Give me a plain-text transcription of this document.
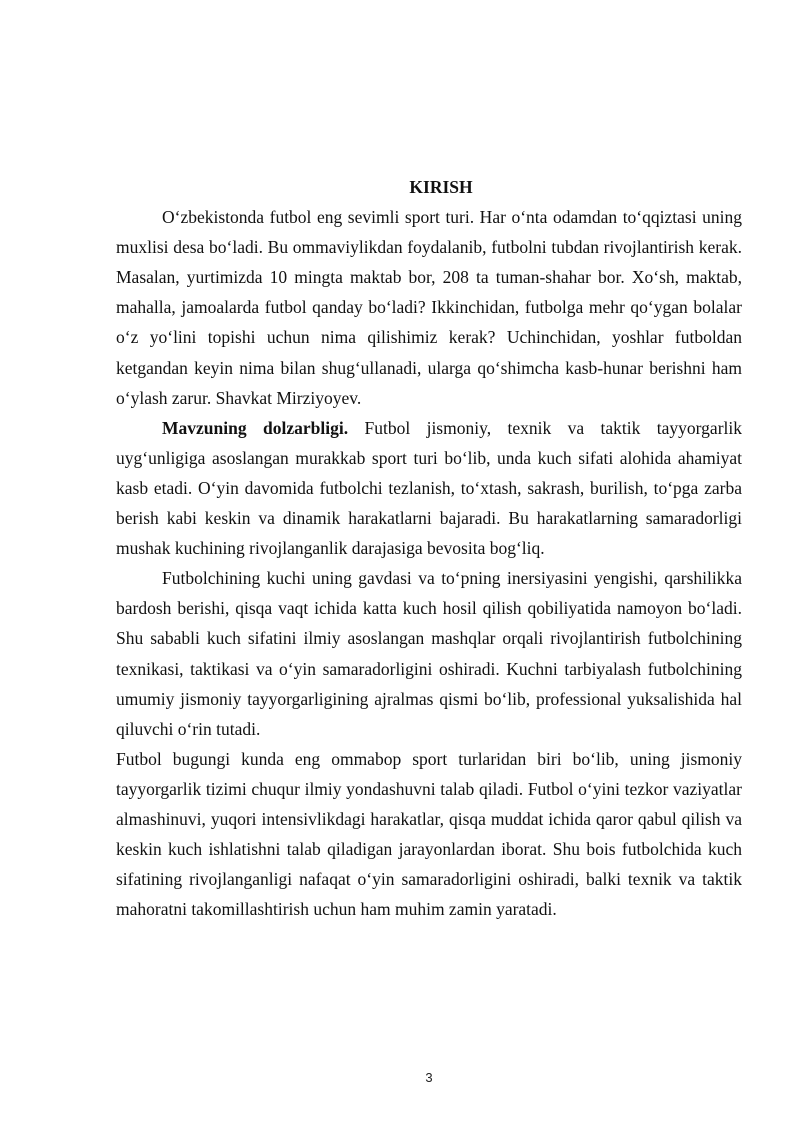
KIRISH

O‘zbekistonda futbol eng sevimli sport turi. Har o‘nta odamdan to‘qqiztasi uning muxlisi desa bo‘ladi. Bu ommaviylikdan foydalanib, futbolni tubdan rivojlantirish kerak. Masalan, yurtimizda 10 mingta maktab bor, 208 ta tuman-shahar bor. Xo‘sh, maktab, mahalla, jamoalarda futbol qanday bo‘ladi? Ikkinchidan, futbolga mehr qo‘ygan bolalar o‘z yo‘lini topishi uchun nima qilishimiz kerak? Uchinchidan, yoshlar futboldan ketgandan keyin nima bilan shug‘ullanadi, ularga qo‘shimcha kasb-hunar berishni ham o‘ylash zarur. Shavkat Mirziyoyev.

Mavzuning dolzarbligi. Futbol jismoniy, texnik va taktik tayyorgarlik uyg‘unligiga asoslangan murakkab sport turi bo‘lib, unda kuch sifati alohida ahamiyat kasb etadi. O‘yin davomida futbolchi tezlanish, to‘xtash, sakrash, burilish, to‘pga zarba berish kabi keskin va dinamik harakatlarni bajaradi. Bu harakatlarning samaradorligi mushak kuchining rivojlanganlik darajasiga bevosita bog‘liq.

Futbolchining kuchi uning gavdasi va to‘pning inersiyasini yengishi, qarshilikka bardosh berishi, qisqa vaqt ichida katta kuch hosil qilish qobiliyatida namoyon bo‘ladi. Shu sababli kuch sifatini ilmiy asoslangan mashqlar orqali rivojlantirish futbolchining texnikasi, taktikasi va o‘yin samaradorligini oshiradi. Kuchni tarbiyalash futbolchining umumiy jismoniy tayyorgarligining ajralmas qismi bo‘lib, professional yuksalishida hal qiluvchi o‘rin tutadi.

Futbol bugungi kunda eng ommabop sport turlaridan biri bo‘lib, uning jismoniy tayyorgarlik tizimi chuqur ilmiy yondashuvni talab qiladi. Futbol o‘yini tezkor vaziyatlar almashinuvi, yuqori intensivlikdagi harakatlar, qisqa muddat ichida qaror qabul qilish va keskin kuch ishlatishni talab qiladigan jarayonlardan iborat. Shu bois futbolchida kuch sifatining rivojlanganligi nafaqat o‘yin samaradorligini oshiradi, balki texnik va taktik mahoratni takomillashtirish uchun ham muhim zamin yaratadi.

3
